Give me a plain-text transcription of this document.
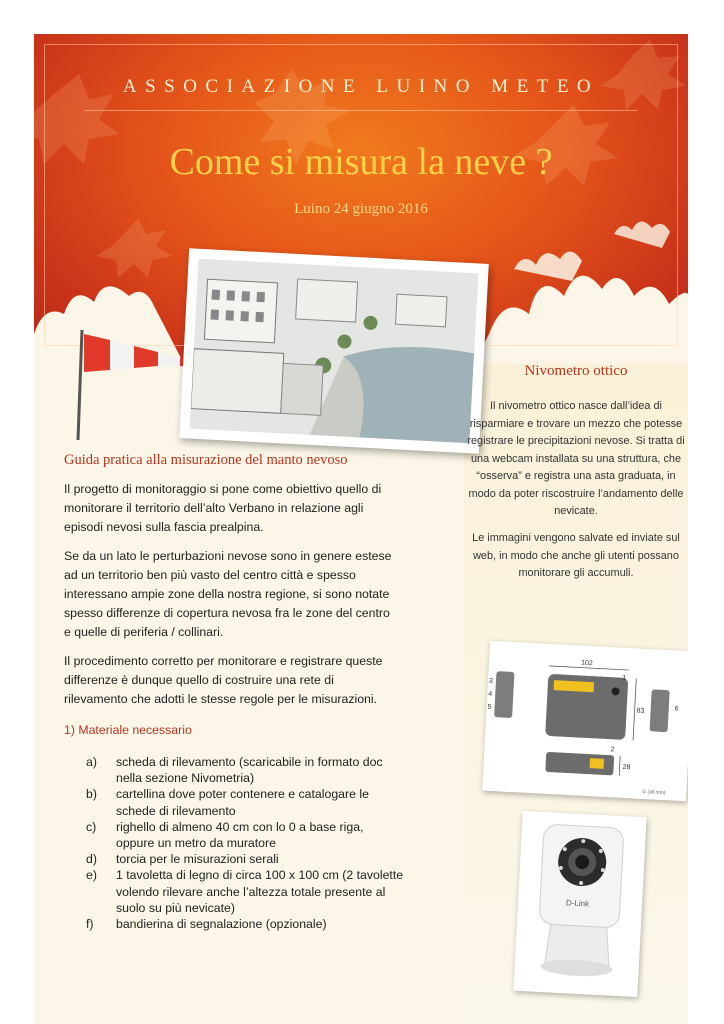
ASSOCIAZIONE LUINO METEO
Come si misura la neve ?
Luino 24 giugno 2016
Nivometro ottico

Il nivometro ottico nasce dall’idea di risparmiare e trovare un mezzo che potesse registrare le precipitazioni nevose. Si tratta di una webcam installata su una struttura, che “osserva” e registra una asta graduata, in modo da poter riscostruire l’andamento delle nevicate.

Le immagini vengono salvate ed inviate sul web, in modo che anche gli utenti possano monitorare gli accumuli.

Guida pratica alla misurazione del manto nevoso

Il progetto di monitoraggio si pone come obiettivo quello di monitorare il territorio dell’alto Verbano in relazione agli episodi nevosi sulla fascia prealpina.

Se da un lato le perturbazioni nevose sono in genere estese ad un territorio ben più vasto del centro città e spesso interessano ampie zone della nostra regione, si sono notate spesso differenze di copertura nevosa fra le zone del centro e quelle di periferia / collinari.

Il procedimento corretto per monitorare e registrare queste differenze è dunque quello di costruire una rete di rilevamento che adotti le stesse regole per le misurazioni.

1) Materiale necessario
a) scheda di rilevamento (scaricabile in formato doc nella sezione Nivometria)
b) cartellina dove poter contenere e catalogare le schede di rilevamento
c) righello di almeno 40 cm con lo 0 a base riga, oppure un metro da muratore
d) torcia per le misurazioni serali
e) 1 tavoletta di legno di circa 100 x 100 cm (2 tavolette volendo rilevare anche l’altezza totale presente al suolo su più nevicate)
f) bandierina di segnalazione (opzionale)
102
83
28
3
4
5
1
2
6
© (all mm)
D-Link
